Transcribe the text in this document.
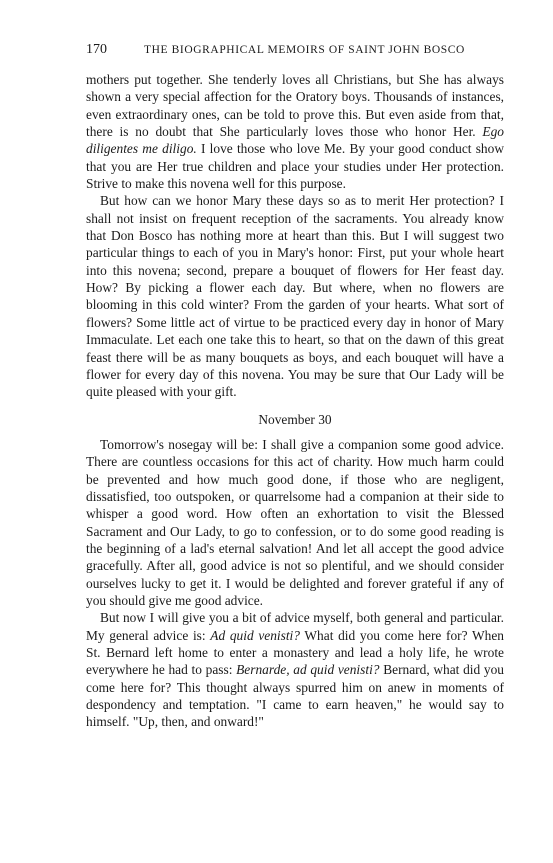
170	THE BIOGRAPHICAL MEMOIRS OF SAINT JOHN BOSCO

mothers put together. She tenderly loves all Christians, but She has always shown a very special affection for the Oratory boys. Thousands of instances, even extraordinary ones, can be told to prove this. But even aside from that, there is no doubt that She particularly loves those who honor Her. Ego diligentes me diligo. I love those who love Me. By your good conduct show that you are Her true children and place your studies under Her protection. Strive to make this novena well for this purpose.

But how can we honor Mary these days so as to merit Her protection? I shall not insist on frequent reception of the sacraments. You already know that Don Bosco has nothing more at heart than this. But I will suggest two particular things to each of you in Mary's honor: First, put your whole heart into this novena; second, prepare a bouquet of flowers for Her feast day. How? By picking a flower each day. But where, when no flowers are blooming in this cold winter? From the garden of your hearts. What sort of flowers? Some little act of virtue to be practiced every day in honor of Mary Immaculate. Let each one take this to heart, so that on the dawn of this great feast there will be as many bouquets as boys, and each bouquet will have a flower for every day of this novena. You may be sure that Our Lady will be quite pleased with your gift.

November 30

Tomorrow's nosegay will be: I shall give a companion some good advice. There are countless occasions for this act of charity. How much harm could be prevented and how much good done, if those who are negligent, dissatisfied, too outspoken, or quarrelsome had a companion at their side to whisper a good word. How often an exhortation to visit the Blessed Sacrament and Our Lady, to go to confession, or to do some good reading is the beginning of a lad's eternal salvation! And let all accept the good advice gracefully. After all, good advice is not so plentiful, and we should consider ourselves lucky to get it. I would be delighted and forever grateful if any of you should give me good advice.

But now I will give you a bit of advice myself, both general and particular. My general advice is: Ad quid venisti? What did you come here for? When St. Bernard left home to enter a monastery and lead a holy life, he wrote everywhere he had to pass: Bernarde, ad quid venisti? Bernard, what did you come here for? This thought always spurred him on anew in moments of despondency and temptation. "I came to earn heaven," he would say to himself. "Up, then, and onward!"
